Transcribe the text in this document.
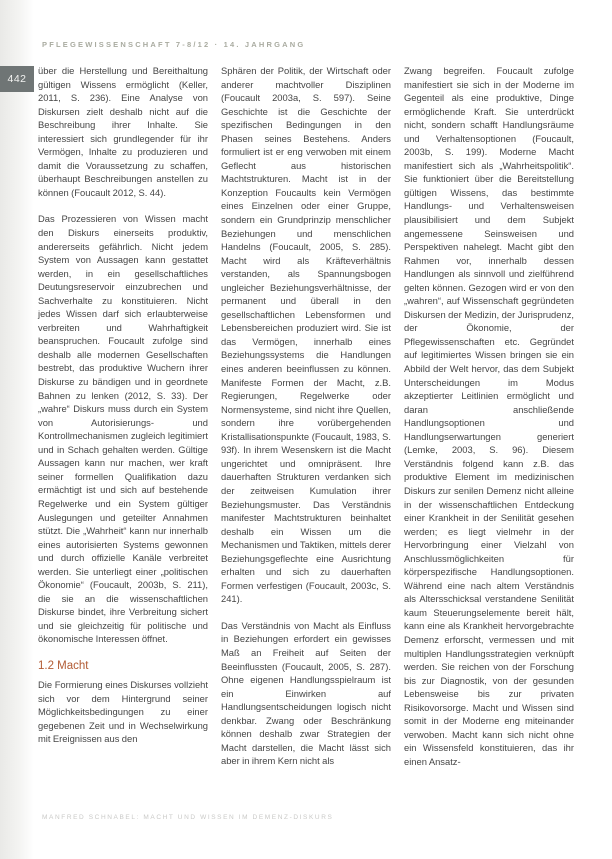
PFLEGEWISSENSCHAFT 7-8/12 · 14. JAHRGANG
442

über die Herstellung und Bereithaltung gültigen Wissens ermöglicht (Keller, 2011, S. 236). Eine Analyse von Diskursen zielt deshalb nicht auf die Beschreibung ihrer Inhalte. Sie interessiert sich grundlegender für ihr Vermögen, Inhalte zu produzieren und damit die Voraussetzung zu schaffen, überhaupt Beschreibungen anstellen zu können (Foucault 2012, S. 44).

Das Prozessieren von Wissen macht den Diskurs einerseits produktiv, andererseits gefährlich. Nicht jedem System von Aussagen kann gestattet werden, in ein gesellschaftliches Deutungsreservoir einzubrechen und Sachverhalte zu konstituieren. Nicht jedes Wissen darf sich erlaubterweise verbreiten und Wahrhaftigkeit beanspruchen. Foucault zufolge sind deshalb alle modernen Gesellschaften bestrebt, das produktive Wuchern ihrer Diskurse zu bändigen und in geordnete Bahnen zu lenken (2012, S. 33). Der „wahre“ Diskurs muss durch ein System von Autorisierungs- und Kontrollmechanismen zugleich legitimiert und in Schach gehalten werden. Gültige Aussagen kann nur machen, wer kraft seiner formellen Qualifikation dazu ermächtigt ist und sich auf bestehende Regelwerke und ein System gültiger Auslegungen und geteilter Annahmen stützt. Die „Wahrheit“ kann nur innerhalb eines autorisierten Systems gewonnen und durch offizielle Kanäle verbreitet werden. Sie unterliegt einer „politischen Ökonomie“ (Foucault, 2003b, S. 211), die sie an die wissenschaftlichen Diskurse bindet, ihre Verbreitung sichert und sie gleichzeitig für politische und ökonomische Interessen öffnet.

1.2 Macht

Die Formierung eines Diskurses vollzieht sich vor dem Hintergrund seiner Möglichkeitsbedingungen zu einer gegebenen Zeit und in Wechselwirkung mit Ereignissen aus den

Sphären der Politik, der Wirtschaft oder anderer machtvoller Disziplinen (Foucault 2003a, S. 597). Seine Geschichte ist die Geschichte der spezifischen Bedingungen in den Phasen seines Bestehens. Anders formuliert ist er eng verwoben mit einem Geflecht aus historischen Machtstrukturen. Macht ist in der Konzeption Foucaults kein Vermögen eines Einzelnen oder einer Gruppe, sondern ein Grundprinzip menschlicher Beziehungen und menschlichen Handelns (Foucault, 2005, S. 285). Macht wird als Kräfteverhältnis verstanden, als Spannungsbogen ungleicher Beziehungsverhältnisse, der permanent und überall in den gesellschaftlichen Lebensformen und Lebensbereichen produziert wird. Sie ist das Vermögen, innerhalb eines Beziehungssystems die Handlungen eines anderen beeinflussen zu können. Manifeste Formen der Macht, z.B. Regierungen, Regelwerke oder Normensysteme, sind nicht ihre Quellen, sondern ihre vorübergehenden Kristallisationspunkte (Foucault, 1983, S. 93f). In ihrem Wesenskern ist die Macht ungerichtet und omnipräsent. Ihre dauerhaften Strukturen verdanken sich der zeitweisen Kumulation ihrer Beziehungsmuster. Das Verständnis manifester Machtstrukturen beinhaltet deshalb ein Wissen um die Mechanismen und Taktiken, mittels derer Beziehungsgeflechte eine Ausrichtung erhalten und sich zu dauerhaften Formen verfestigen (Foucault, 2003c, S. 241).

Das Verständnis von Macht als Einfluss in Beziehungen erfordert ein gewisses Maß an Freiheit auf Seiten der Beeinflussten (Foucault, 2005, S. 287). Ohne eigenen Handlungsspielraum ist ein Einwirken auf Handlungsentscheidungen logisch nicht denkbar. Zwang oder Beschränkung können deshalb zwar Strategien der Macht darstellen, die Macht lässt sich aber in ihrem Kern nicht als

Zwang begreifen. Foucault zufolge manifestiert sie sich in der Moderne im Gegenteil als eine produktive, Dinge ermöglichende Kraft. Sie unterdrückt nicht, sondern schafft Handlungsräume und Verhaltensoptionen (Foucault, 2003b, S. 199). Moderne Macht manifestiert sich als „Wahrheitspolitik“. Sie funktioniert über die Bereitstellung gültigen Wissens, das bestimmte Handlungs- und Verhaltensweisen plausibilisiert und dem Subjekt angemessene Seinsweisen und Perspektiven nahelegt. Macht gibt den Rahmen vor, innerhalb dessen Handlungen als sinnvoll und zielführend gelten können. Gezogen wird er von den „wahren“, auf Wissenschaft gegründeten Diskursen der Medizin, der Jurisprudenz, der Ökonomie, der Pflegewissenschaften etc. Gegründet auf legitimiertes Wissen bringen sie ein Abbild der Welt hervor, das dem Subjekt Unterscheidungen im Modus akzeptierter Leitlinien ermöglicht und daran anschließende Handlungsoptionen und Handlungserwartungen generiert (Lemke, 2003, S. 96). Diesem Verständnis folgend kann z.B. das produktive Element im medizinischen Diskurs zur senilen Demenz nicht alleine in der wissenschaftlichen Entdeckung einer Krankheit in der Senilität gesehen werden; es liegt vielmehr in der Hervorbringung einer Vielzahl von Anschlussmöglichkeiten für körperspezifische Handlungsoptionen. Während eine nach altem Verständnis als Altersschicksal verstandene Senilität kaum Steuerungselemente bereit hält, kann eine als Krankheit hervorgebrachte Demenz erforscht, vermessen und mit multiplen Handlungsstrategien verknüpft werden. Sie reichen von der Forschung bis zur Diagnostik, von der gesunden Lebensweise bis zur privaten Risikovorsorge. Macht und Wissen sind somit in der Moderne eng miteinander verwoben. Macht kann sich nicht ohne ein Wissensfeld konstituieren, das ihr einen Ansatz-

MANFRED SCHNABEL: MACHT UND WISSEN IM DEMENZ-DISKURS
